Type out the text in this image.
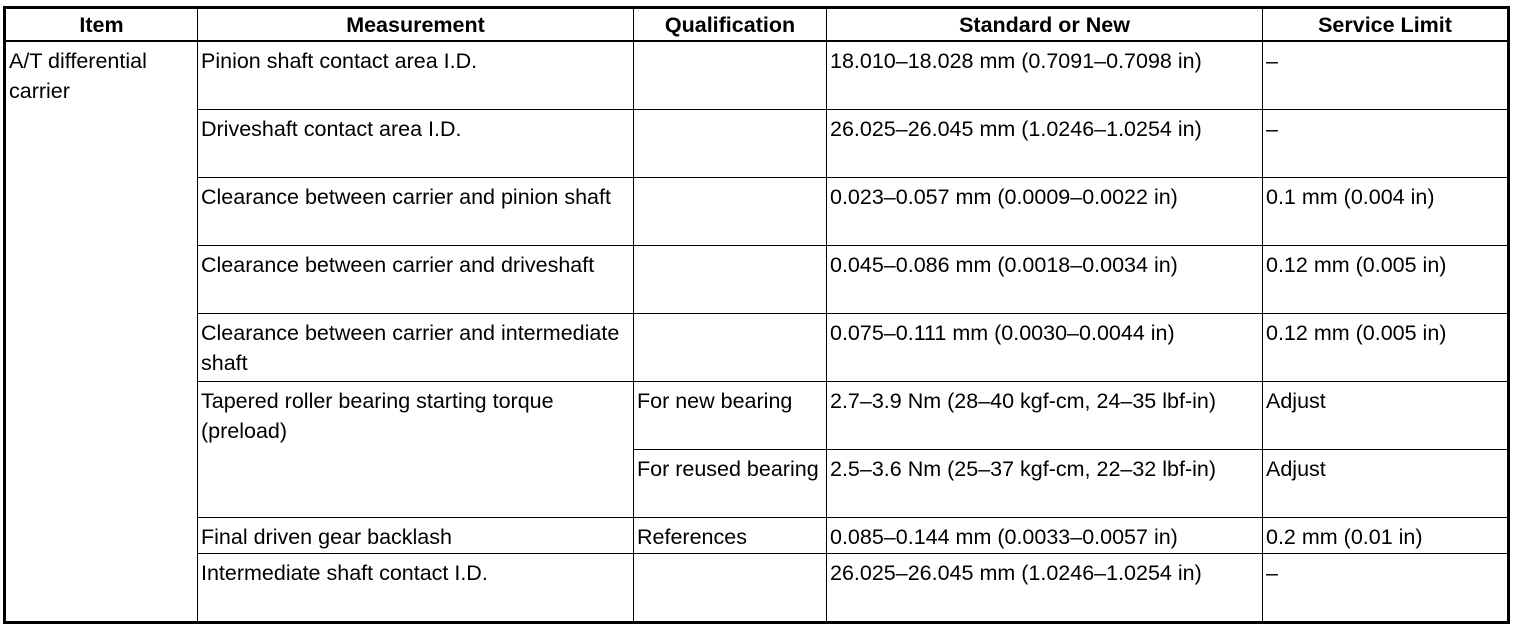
Item	Measurement	Qualification	Standard or New	Service Limit
A/T differential carrier	Pinion shaft contact area I.D.		18.010–18.028 mm (0.7091–0.7098 in)	–
	Driveshaft contact area I.D.		26.025–26.045 mm (1.0246–1.0254 in)	–
	Clearance between carrier and pinion shaft		0.023–0.057 mm (0.0009–0.0022 in)	0.1 mm (0.004 in)
	Clearance between carrier and driveshaft		0.045–0.086 mm (0.0018–0.0034 in)	0.12 mm (0.005 in)
	Clearance between carrier and intermediate shaft		0.075–0.111 mm (0.0030–0.0044 in)	0.12 mm (0.005 in)
	Tapered roller bearing starting torque (preload)	For new bearing	2.7–3.9 Nm (28–40 kgf-cm, 24–35 lbf-in)	Adjust
		For reused bearing	2.5–3.6 Nm (25–37 kgf-cm, 22–32 lbf-in)	Adjust
	Final driven gear backlash	References	0.085–0.144 mm (0.0033–0.0057 in)	0.2 mm (0.01 in)
	Intermediate shaft contact I.D.		26.025–26.045 mm (1.0246–1.0254 in)	–
